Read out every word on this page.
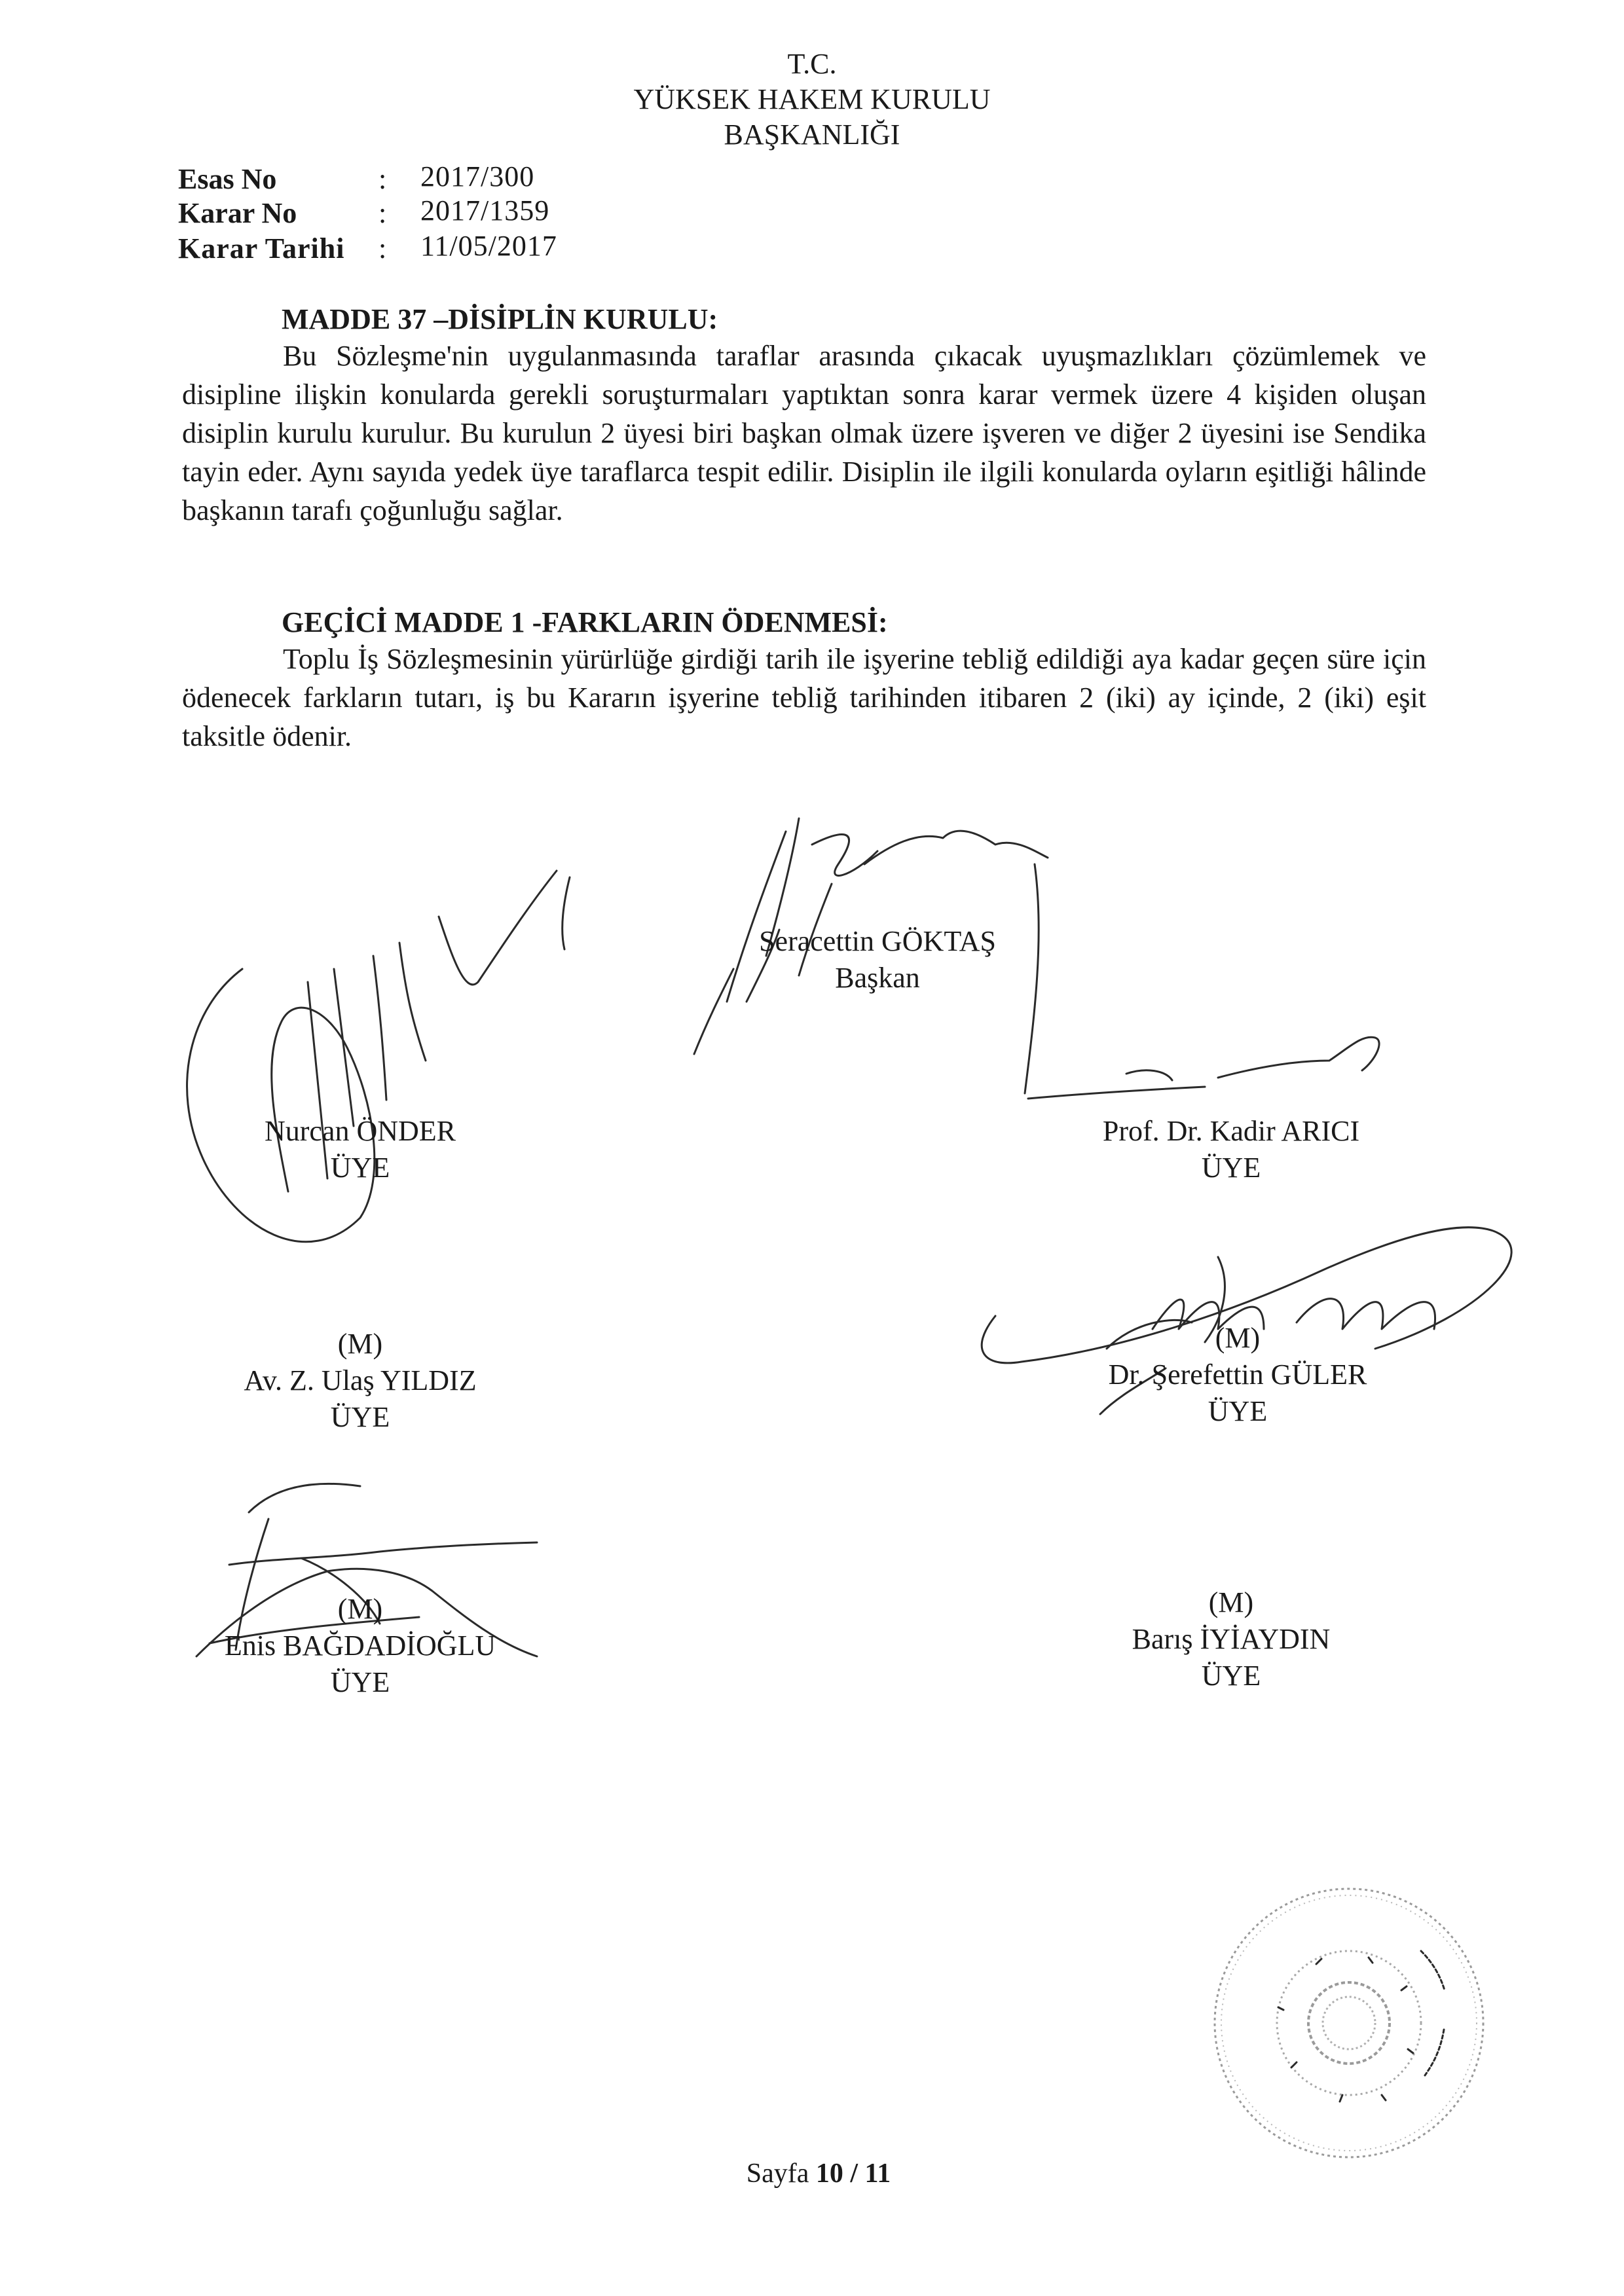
T.C.
YÜKSEK HAKEM KURULU
BAŞKANLIĞI
Esas No	: 2017/300
Karar No	: 2017/1359
Karar Tarihi : 11/05/2017
MADDE 37 –DİSİPLİN KURULU:
Bu Sözleşme'nin uygulanmasında taraflar arasında çıkacak uyuşmazlıkları çözümlemek ve disipline ilişkin konularda gerekli soruşturmaları yaptıktan sonra karar vermek üzere 4 kişiden oluşan disiplin kurulu kurulur. Bu kurulun 2 üyesi biri başkan olmak üzere işveren ve diğer 2 üyesini ise Sendika tayin eder. Aynı sayıda yedek üye taraflarca tespit edilir. Disiplin ile ilgili konularda oyların eşitliği hâlinde başkanın tarafı çoğunluğu sağlar.
GEÇİCİ MADDE 1 -FARKLARIN ÖDENMESİ:
Toplu İş Sözleşmesinin yürürlüğe girdiği tarih ile işyerine tebliğ edildiği aya kadar geçen süre için ödenecek farkların tutarı, iş bu Kararın işyerine tebliğ tarihinden itibaren 2 (iki) ay içinde, 2 (iki) eşit taksitle ödenir.
Seracettin GÖKTAŞ
Başkan
Nurcan ÖNDER
ÜYE
Prof. Dr. Kadir ARICI
ÜYE
(M)
Av. Z. Ulaş YILDIZ
ÜYE
(M)
Dr. Şerefettin GÜLER
ÜYE
(M)
Enis BAĞDADİOĞLU
ÜYE
(M)
Barış İYİAYDIN
ÜYE
Sayfa 10 / 11
